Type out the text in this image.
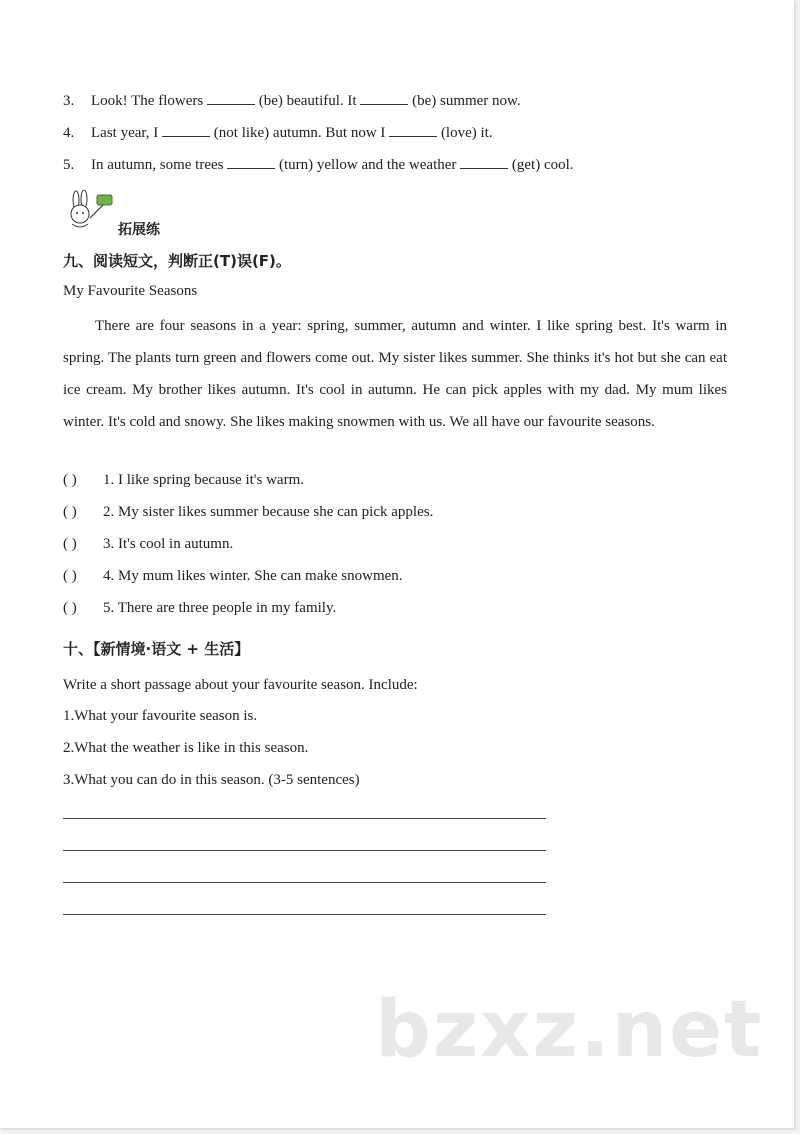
3. Look! The flowers	(be) beautiful. It	(be) summer now.
4. Last year, I	(not like) autumn. But now I	(love) it.
5. In autumn, some trees	(turn) yellow and the weather	(get) cool.
拓展练
九、阅读短文，判断正(T)误(F)。
My Favourite Seasons
There are four seasons in a year: spring, summer, autumn and winter. I like spring best. It's warm in spring. The plants turn green and flowers come out. My sister likes summer. She thinks it's hot but she can eat ice cream. My brother likes autumn. It's cool in autumn. He can pick apples with my dad. My mum likes winter. It's cold and snowy. She likes making snowmen with us. We all have our favourite seasons.
( ) 1. I like spring because it's warm.
( ) 2. My sister likes summer because she can pick apples.
( ) 3. It's cool in autumn.
( ) 4. My mum likes winter. She can make snowmen.
( ) 5. There are three people in my family.
十、【新情境·语文 + 生活】
Write a short passage about your favourite season. Include:
1.What your favourite season is.
2.What the weather is like in this season.
3.What you can do in this season. (3-5 sentences)
bzxz.net
